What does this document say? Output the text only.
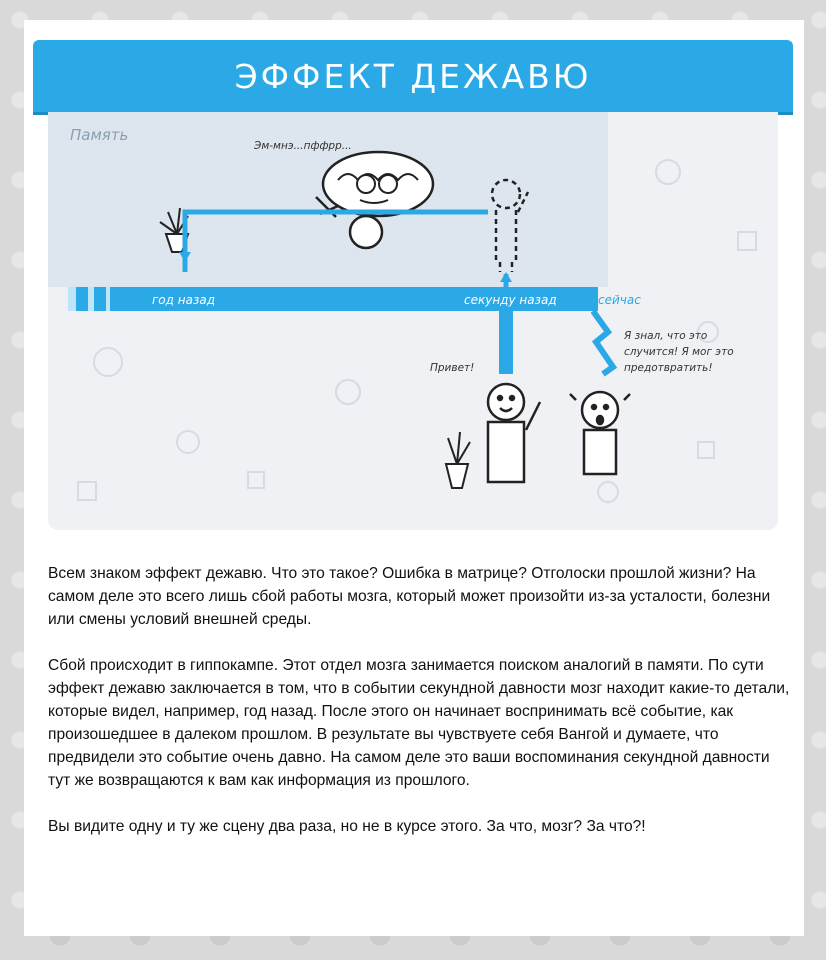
ЭФФЕКТ ДЕЖАВЮ
Память
Эм-мнэ...пффрр...
год назад	секунду назад	сейчас
Привет!
Я знал, что это
случится! Я мог это
предотвратить!

Всем знаком эффект дежавю. Что это такое? Ошибка в матрице? Отголоски прошлой жизни? На самом деле это всего лишь сбой работы мозга, который может произойти из-за усталости, болезни или смены условий внешней среды.

Сбой происходит в гиппокампе. Этот отдел мозга занимается поиском аналогий в памяти. По сути эффект дежавю заключается в том, что в событии секундной давности мозг находит какие-то детали, которые видел, например, год назад. После этого он начинает воспринимать всё событие, как произошедшее в далеком прошлом. В результате вы чувствуете себя Вангой и думаете, что предвидели это событие очень давно. На самом деле это ваши воспоминания секундной давности тут же возвращаются к вам как информация из прошлого.

Вы видите одну и ту же сцену два раза, но не в курсе этого. За что, мозг? За что?!
